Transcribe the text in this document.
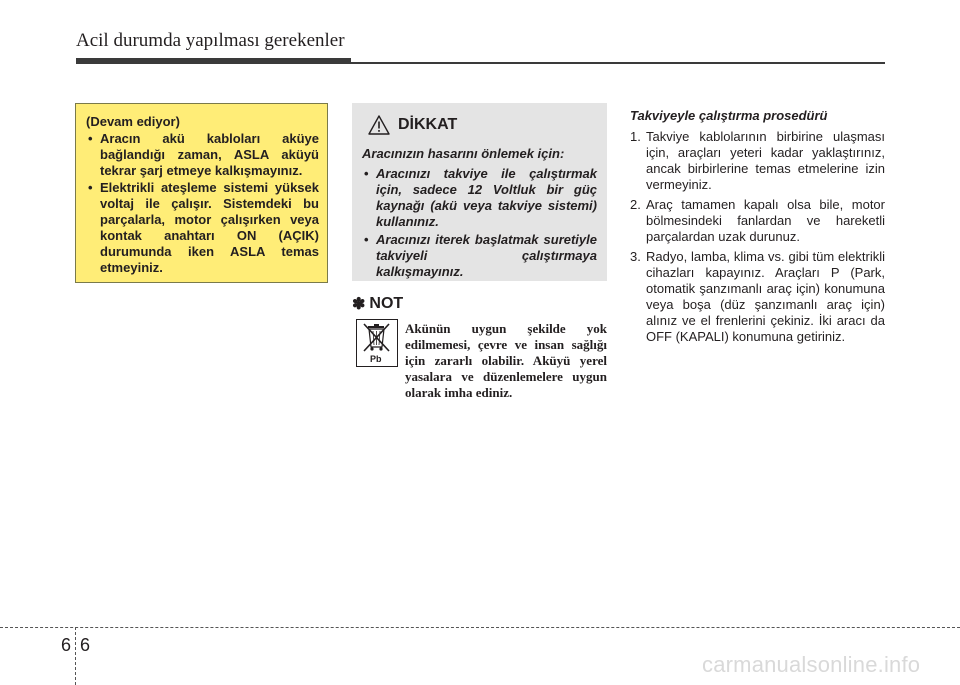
Acil durumda yapılması gerekenler
(Devam ediyor)
• Aracın akü kabloları aküye bağlandığı zaman, ASLA aküyü tekrar şarj etmeye kalkışmayınız.
• Elektrikli ateşleme sistemi yüksek voltaj ile çalışır. Sistemdeki bu parçalarla, motor çalışırken veya kontak anahtarı ON (AÇIK) durumunda iken ASLA temas etmeyiniz.
DİKKAT
Aracınızın hasarını önlemek için:
• Aracınızı takviye ile çalıştırmak için, sadece 12 Voltluk bir güç kaynağı (akü veya takviye sistemi) kullanınız.
• Aracınızı iterek başlatmak suretiyle takviyeli çalıştırmaya kalkışmayınız.
✽ NOT
Pb
Akünün uygun şekilde yok edilmemesi, çevre ve insan sağlığı için zararlı olabilir. Aküyü yerel yasalara ve düzenlemelere uygun olarak imha ediniz.
Takviyeyle çalıştırma prosedürü
1. Takviye kablolarının birbirine ulaşması için, araçları yeteri kadar yaklaştırınız, ancak birbirlerine temas etmelerine izin vermeyiniz.
2. Araç tamamen kapalı olsa bile, motor bölmesindeki fanlardan ve hareketli parçalardan uzak durunuz.
3. Radyo, lamba, klima vs. gibi tüm elektrikli cihazları kapayınız. Araçları P (Park, otomatik şanzımanlı araç için) konumuna veya boşa (düz şanzımanlı araç için) alınız ve el frenlerini çekiniz. İki aracı da OFF (KAPALI) konumuna getiriniz.
6 6
carmanualsonline.info
